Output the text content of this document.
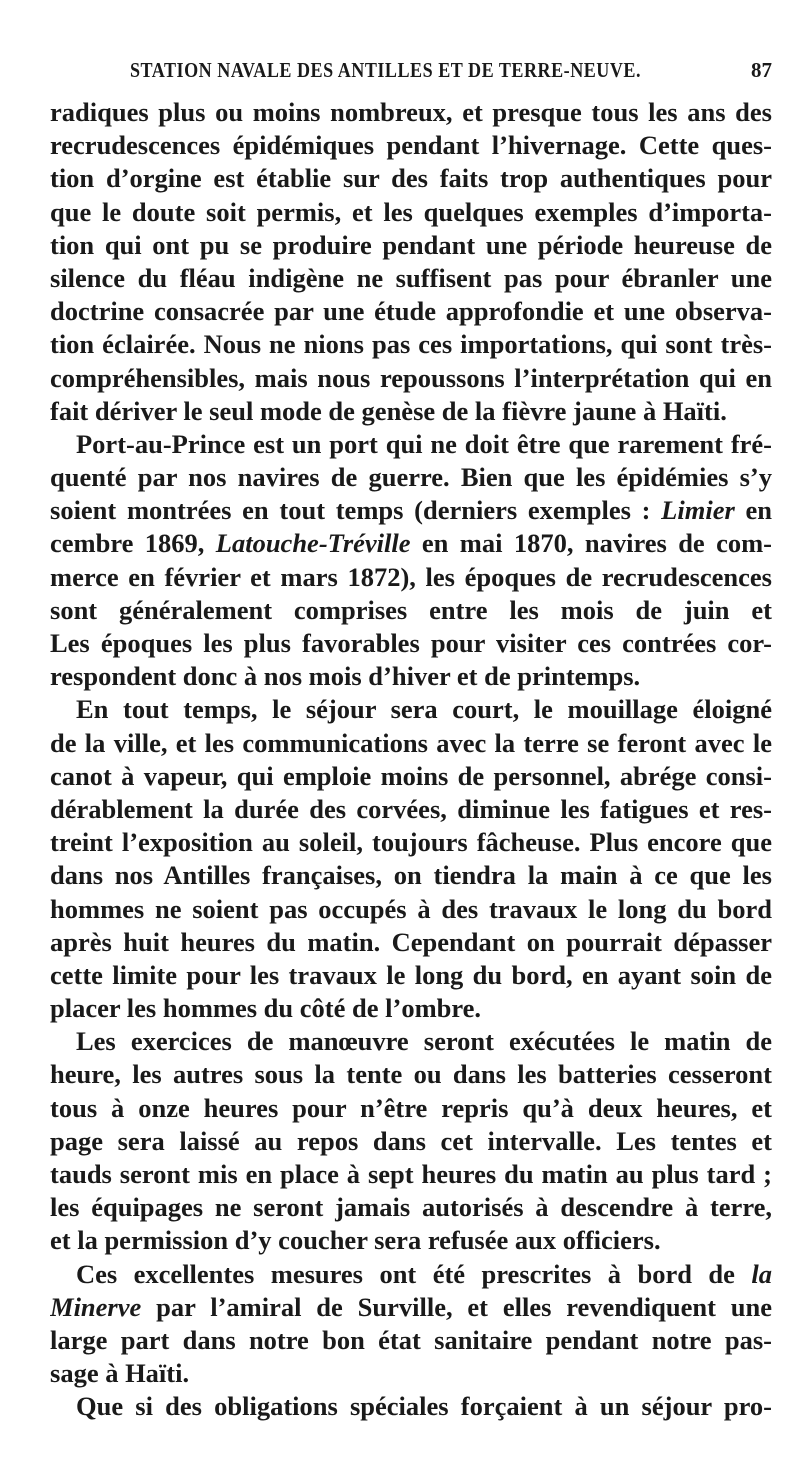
STATION NAVALE DES ANTILLES ET DE TERRE-NEUVE.	87
radiques plus ou moins nombreux, et presque tous les ans des
recrudescences épidémiques pendant l’hivernage. Cette ques-
tion d’orgine est établie sur des faits trop authentiques pour
que le doute soit permis, et les quelques exemples d’importa-
tion qui ont pu se produire pendant une période heureuse de
silence du fléau indigène ne suffisent pas pour ébranler une
doctrine consacrée par une étude approfondie et une observa-
tion éclairée. Nous ne nions pas ces importations, qui sont très-
compréhensibles, mais nous repoussons l’interprétation qui en
fait dériver le seul mode de genèse de la fièvre jaune à Haïti.
Port-au-Prince est un port qui ne doit être que rarement fré-
quenté par nos navires de guerre. Bien que les épidémies s’y
soient montrées en tout temps (derniers exemples : Limier en
cembre 1869, Latouche-Tréville en mai 1870, navires de com-
merce en février et mars 1872), les époques de recrudescences
sont généralement comprises entre les mois de juin et
Les époques les plus favorables pour visiter ces contrées cor-
respondent donc à nos mois d’hiver et de printemps.
En tout temps, le séjour sera court, le mouillage éloigné
de la ville, et les communications avec la terre se feront avec le
canot à vapeur, qui emploie moins de personnel, abrége consi-
dérablement la durée des corvées, diminue les fatigues et res-
treint l’exposition au soleil, toujours fâcheuse. Plus encore que
dans nos Antilles françaises, on tiendra la main à ce que les
hommes ne soient pas occupés à des travaux le long du bord
après huit heures du matin. Cependant on pourrait dépasser
cette limite pour les travaux le long du bord, en ayant soin de
placer les hommes du côté de l’ombre.
Les exercices de manœuvre seront exécutées le matin de
heure, les autres sous la tente ou dans les batteries cesseront
tous à onze heures pour n’être repris qu’à deux heures, et
page sera laissé au repos dans cet intervalle. Les tentes et
tauds seront mis en place à sept heures du matin au plus tard ;
les équipages ne seront jamais autorisés à descendre à terre,
et la permission d’y coucher sera refusée aux officiers.
Ces excellentes mesures ont été prescrites à bord de la
Minerve par l’amiral de Surville, et elles revendiquent une
large part dans notre bon état sanitaire pendant notre pas-
sage à Haïti.
Que si des obligations spéciales forçaient à un séjour pro-
